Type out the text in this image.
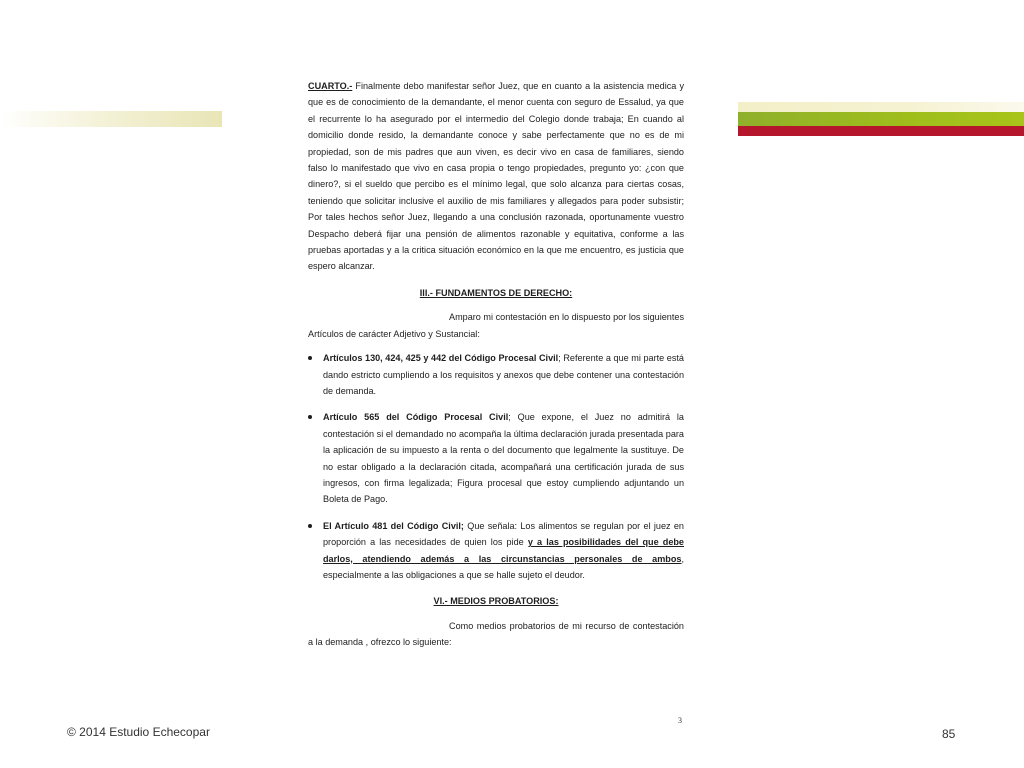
CUARTO.- Finalmente debo manifestar señor Juez, que en cuanto a la asistencia medica y que es de conocimiento de la demandante, el menor cuenta con seguro de Essalud, ya que el recurrente lo ha asegurado por el intermedio del Colegio donde trabaja; En cuando al domicilio donde resido, la demandante conoce y sabe perfectamente que no es de mi propiedad, son de mis padres que aun viven, es decir vivo en casa de familiares, siendo falso lo manifestado que vivo en casa propia o tengo propiedades, pregunto yo: ¿con que dinero?, si el sueldo que percibo es el mínimo legal, que solo alcanza para ciertas cosas, teniendo que solicitar inclusive el auxilio de mis familiares y allegados para poder subsistir; Por tales hechos señor Juez, llegando a una conclusión razonada, oportunamente vuestro Despacho deberá fijar una pensión de alimentos razonable y equitativa, conforme a las pruebas aportadas y a la critica situación económico en la que me encuentro, es justicia que espero alcanzar.

III.- FUNDAMENTOS DE DERECHO:

Amparo mi contestación en lo dispuesto por los siguientes Artículos de carácter Adjetivo y Sustancial:

Artículos 130, 424, 425 y 442 del Código Procesal Civil; Referente a que mi parte está dando estricto cumpliendo a los requisitos y anexos que debe contener una contestación de demanda.
Artículo 565 del Código Procesal Civil; Que expone, el Juez no admitirá la contestación si el demandado no acompaña la última declaración jurada presentada para la aplicación de su impuesto a la renta o del documento que legalmente la sustituye. De no estar obligado a la declaración citada, acompañará una certificación jurada de sus ingresos, con firma legalizada; Figura procesal que estoy cumpliendo adjuntando un Boleta de Pago.
El Artículo 481 del Código Civil; Que señala: Los alimentos se regulan por el juez en proporción a las necesidades de quien los pide y a las posibilidades del que debe darlos, atendiendo además a las circunstancias personales de ambos, especialmente a las obligaciones a que se halle sujeto el deudor.

VI.- MEDIOS PROBATORIOS:

Como medios probatorios de mi recurso de contestación a la demanda , ofrezco lo siguiente:

3
© 2014 Estudio Echecopar	85
